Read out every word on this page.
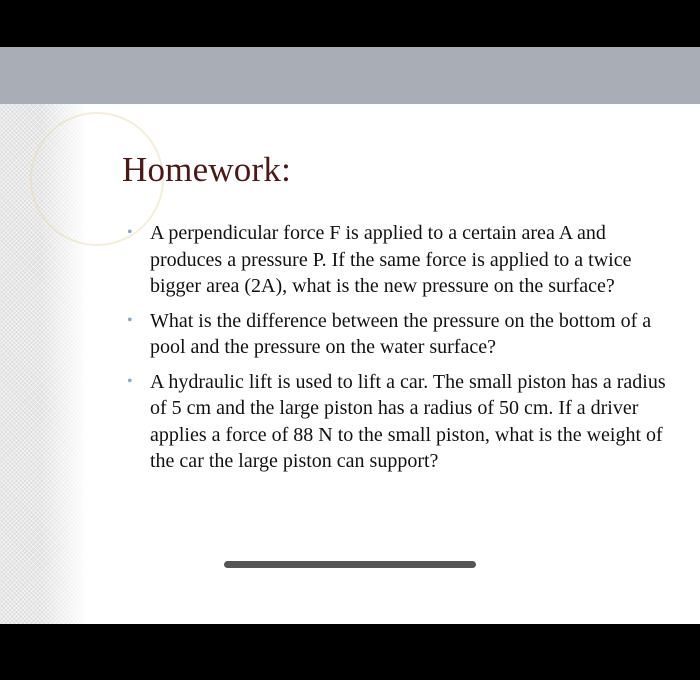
Homework:
• A perpendicular force F is applied to a certain area A and produces a pressure P. If the same force is applied to a twice bigger area (2A), what is the new pressure on the surface?
• What is the difference between the pressure on the bottom of a pool and the pressure on the water surface?
• A hydraulic lift is used to lift a car. The small piston has a radius of 5 cm and the large piston has a radius of 50 cm. If a driver applies a force of 88 N to the small piston, what is the weight of the car the large piston can support?
